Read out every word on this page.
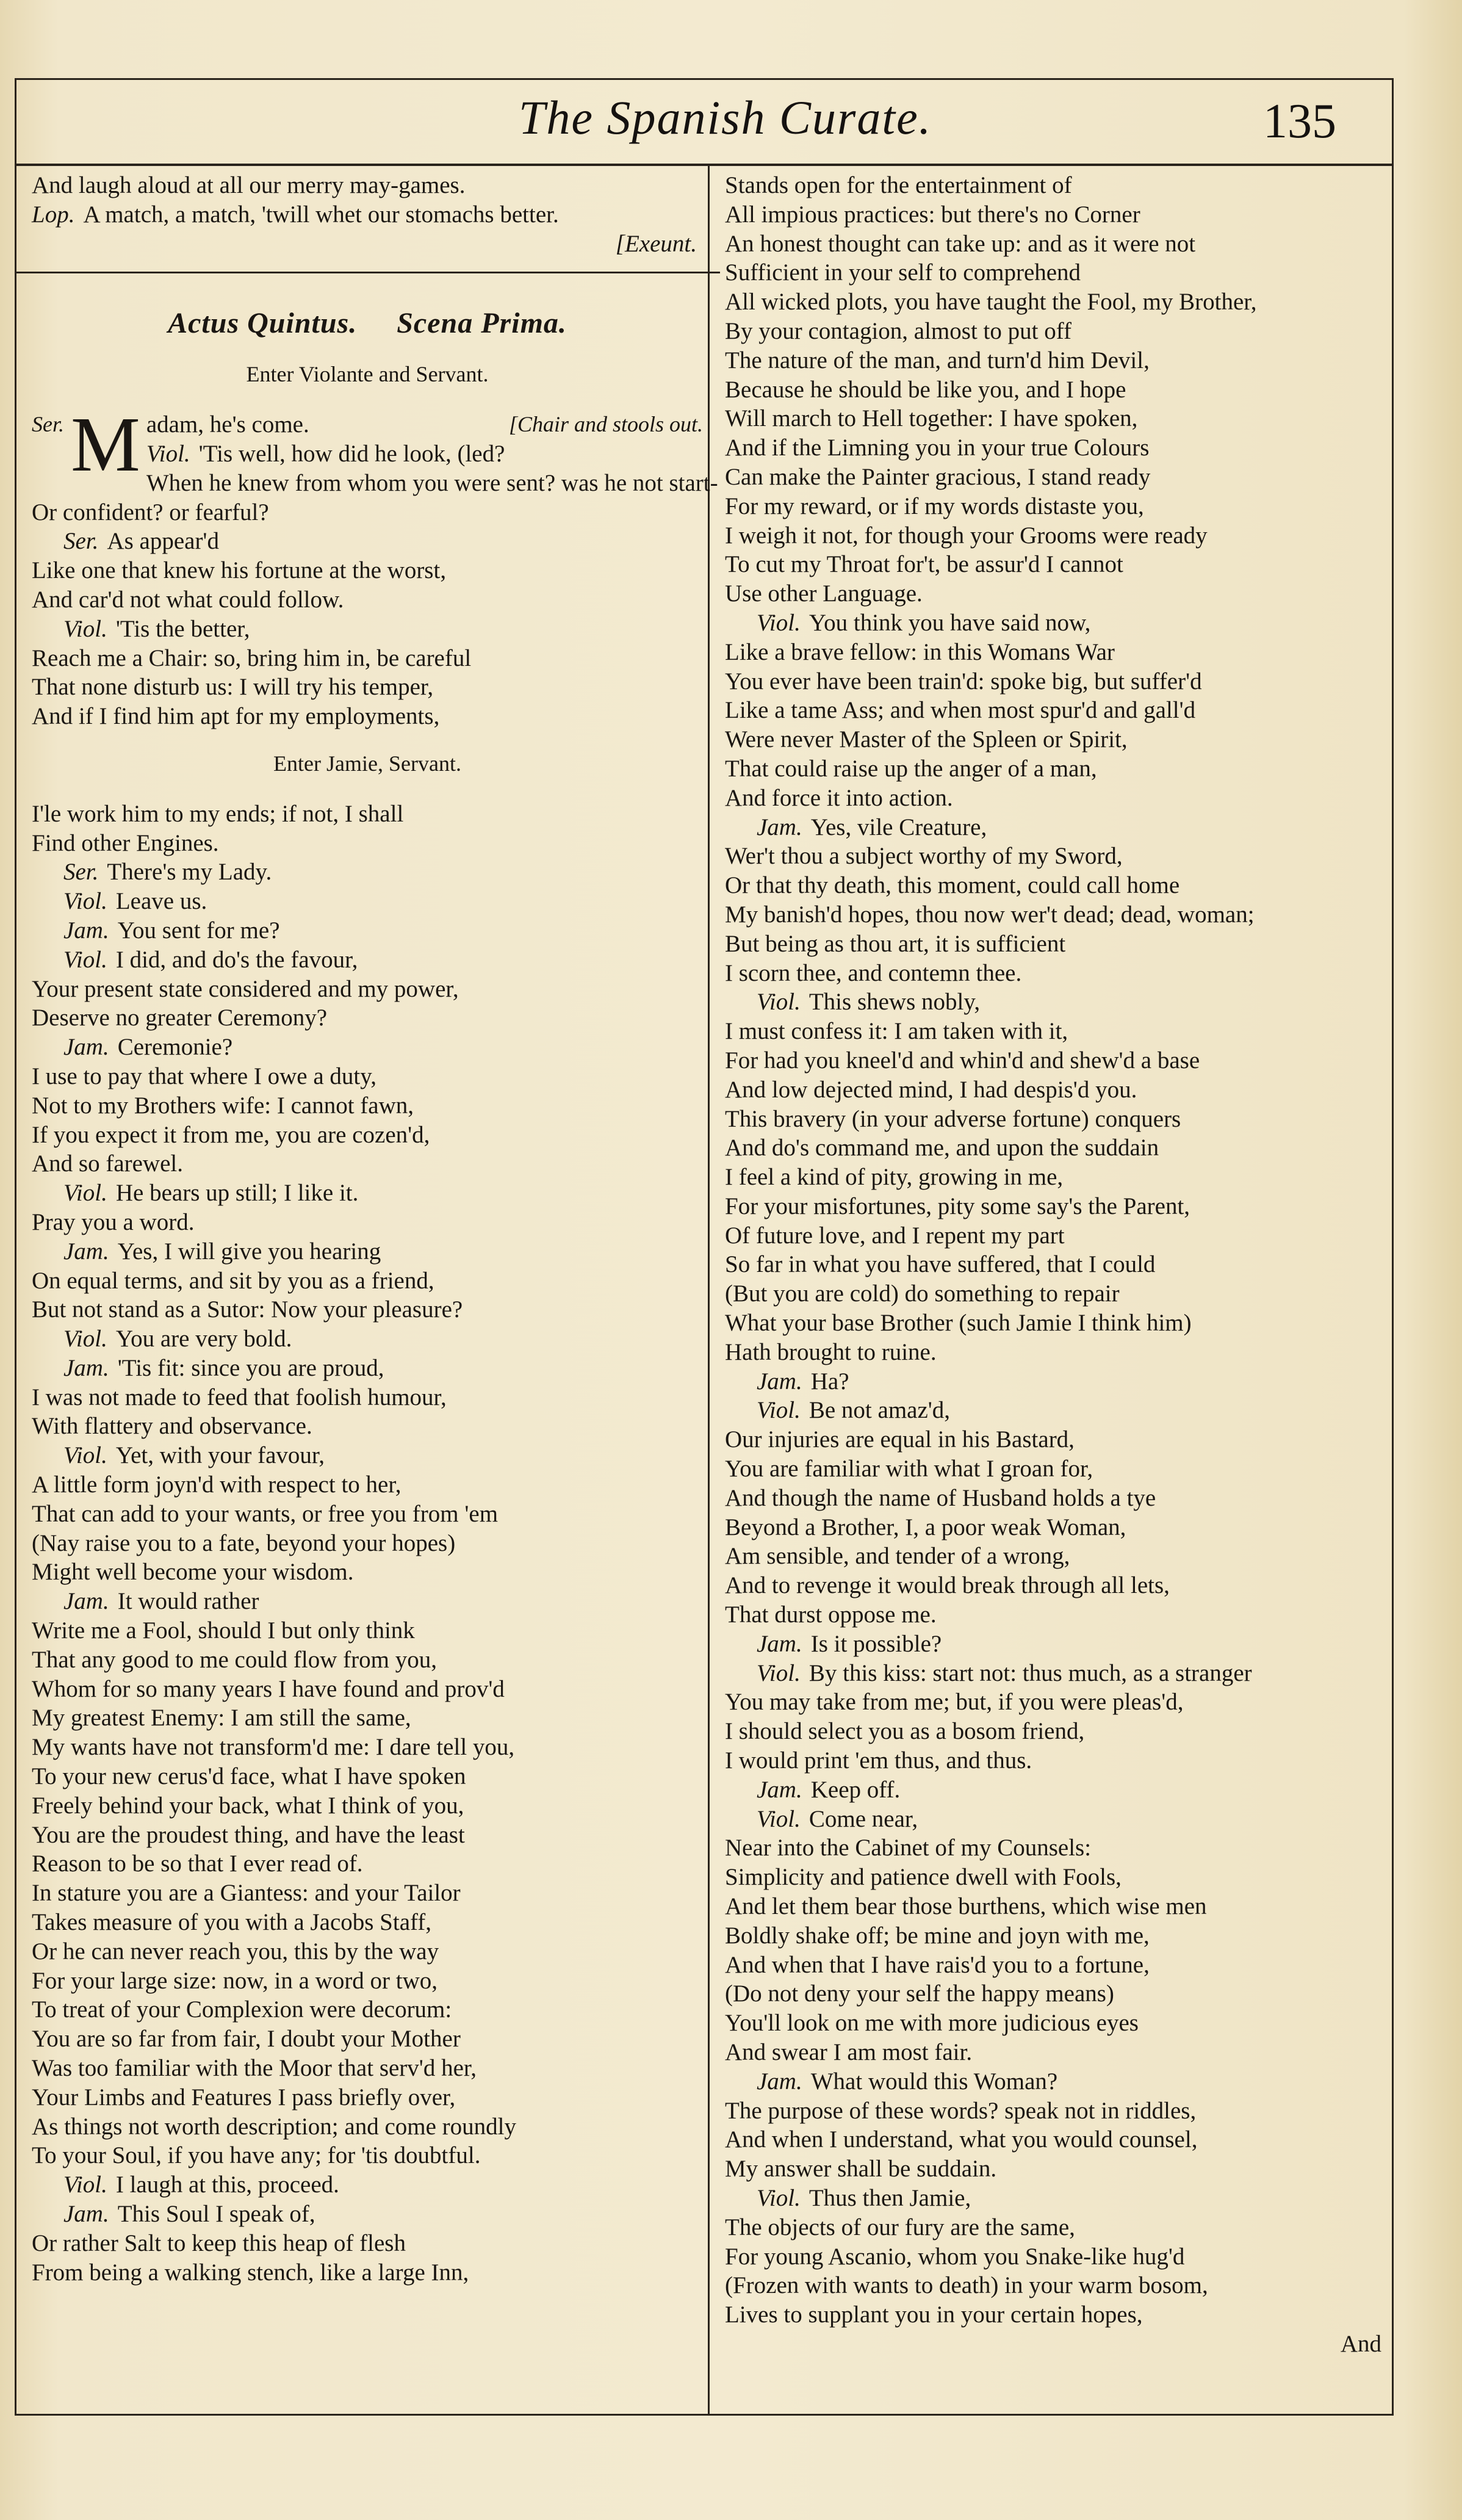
The Spanish Curate.	135
And laugh aloud at all our merry may-games.
Lop. A match, a match, 'twill whet our stomachs better.
[Exeunt.
Actus Quintus. Scena Prima.
Enter Violante and Servant.
Ser. M adam, he's come.	[Chair and stools out.
Viol. 'Tis well, how did he look, (led?
When he knew from whom you were sent? was he not start-
Or confident? or fearful?
Ser. As appear'd
Like one that knew his fortune at the worst,
And car'd not what could follow.
Viol. 'Tis the better,
Reach me a Chair: so, bring him in, be careful
That none disturb us: I will try his temper,
And if I find him apt for my employments,
Enter Jamie, Servant.
I'le work him to my ends; if not, I shall
Find other Engines.
Ser. There's my Lady.
Viol. Leave us.
Jam. You sent for me?
Viol. I did, and do's the favour,
Your present state considered and my power,
Deserve no greater Ceremony?
Jam. Ceremonie?
I use to pay that where I owe a duty,
Not to my Brothers wife: I cannot fawn,
If you expect it from me, you are cozen'd,
And so farewel.
Viol. He bears up still; I like it.
Pray you a word.
Jam. Yes, I will give you hearing
On equal terms, and sit by you as a friend,
But not stand as a Sutor: Now your pleasure?
Viol. You are very bold.
Jam. 'Tis fit: since you are proud,
I was not made to feed that foolish humour,
With flattery and observance.
Viol. Yet, with your favour,
A little form joyn'd with respect to her,
That can add to your wants, or free you from 'em
(Nay raise you to a fate, beyond your hopes)
Might well become your wisdom.
Jam. It would rather
Write me a Fool, should I but only think
That any good to me could flow from you,
Whom for so many years I have found and prov'd
My greatest Enemy: I am still the same,
My wants have not transform'd me: I dare tell you,
To your new cerus'd face, what I have spoken
Freely behind your back, what I think of you,
You are the proudest thing, and have the least
Reason to be so that I ever read of.
In stature you are a Giantess: and your Tailor
Takes measure of you with a Jacobs Staff,
Or he can never reach you, this by the way
For your large size: now, in a word or two,
To treat of your Complexion were decorum:
You are so far from fair, I doubt your Mother
Was too familiar with the Moor that serv'd her,
Your Limbs and Features I pass briefly over,
As things not worth description; and come roundly
To your Soul, if you have any; for 'tis doubtful.
Viol. I laugh at this, proceed.
Jam. This Soul I speak of,
Or rather Salt to keep this heap of flesh
From being a walking stench, like a large Inn,
Stands open for the entertainment of
All impious practices: but there's no Corner
An honest thought can take up: and as it were not
Sufficient in your self to comprehend
All wicked plots, you have taught the Fool, my Brother,
By your contagion, almost to put off
The nature of the man, and turn'd him Devil,
Because he should be like you, and I hope
Will march to Hell together: I have spoken,
And if the Limning you in your true Colours
Can make the Painter gracious, I stand ready
For my reward, or if my words distaste you,
I weigh it not, for though your Grooms were ready
To cut my Throat for't, be assur'd I cannot
Use other Language.
Viol. You think you have said now,
Like a brave fellow: in this Womans War
You ever have been train'd: spoke big, but suffer'd
Like a tame Ass; and when most spur'd and gall'd
Were never Master of the Spleen or Spirit,
That could raise up the anger of a man,
And force it into action.
Jam. Yes, vile Creature,
Wer't thou a subject worthy of my Sword,
Or that thy death, this moment, could call home
My banish'd hopes, thou now wer't dead; dead, woman;
But being as thou art, it is sufficient
I scorn thee, and contemn thee.
Viol. This shews nobly,
I must confess it: I am taken with it,
For had you kneel'd and whin'd and shew'd a base
And low dejected mind, I had despis'd you.
This bravery (in your adverse fortune) conquers
And do's command me, and upon the suddain
I feel a kind of pity, growing in me,
For your misfortunes, pity some say's the Parent,
Of future love, and I repent my part
So far in what you have suffered, that I could
(But you are cold) do something to repair
What your base Brother (such Jamie I think him)
Hath brought to ruine.
Jam. Ha?
Viol. Be not amaz'd,
Our injuries are equal in his Bastard,
You are familiar with what I groan for,
And though the name of Husband holds a tye
Beyond a Brother, I, a poor weak Woman,
Am sensible, and tender of a wrong,
And to revenge it would break through all lets,
That durst oppose me.
Jam. Is it possible?
Viol. By this kiss: start not: thus much, as a stranger
You may take from me; but, if you were pleas'd,
I should select you as a bosom friend,
I would print 'em thus, and thus.
Jam. Keep off.
Viol. Come near,
Near into the Cabinet of my Counsels:
Simplicity and patience dwell with Fools,
And let them bear those burthens, which wise men
Boldly shake off; be mine and joyn with me,
And when that I have rais'd you to a fortune,
(Do not deny your self the happy means)
You'll look on me with more judicious eyes
And swear I am most fair.
Jam. What would this Woman?
The purpose of these words? speak not in riddles,
And when I understand, what you would counsel,
My answer shall be suddain.
Viol. Thus then Jamie,
The objects of our fury are the same,
For young Ascanio, whom you Snake-like hug'd
(Frozen with wants to death) in your warm bosom,
Lives to supplant you in your certain hopes,
And
